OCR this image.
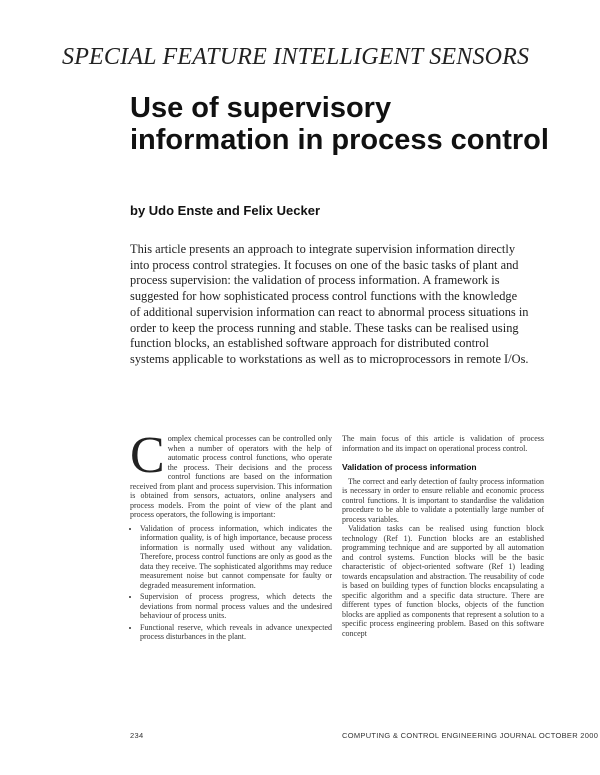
SPECIAL FEATURE INTELLIGENT SENSORS
Use of supervisory information in process control
by Udo Enste and Felix Uecker
This article presents an approach to integrate supervision information directly into process control strategies. It focuses on one of the basic tasks of plant and process supervision: the validation of process information. A framework is suggested for how sophisticated process control functions with the knowledge of additional supervision information can react to abnormal process situations in order to keep the process running and stable. These tasks can be realised using function blocks, an established software approach for distributed control systems applicable to workstations as well as to microprocessors in remote I/Os.

Complex chemical processes can be controlled only when a number of operators with the help of automatic process control functions, who operate the process. Their decisions and the process control functions are based on the information received from plant and process supervision. This information is obtained from sensors, actuators, online analysers and process models. From the point of view of the plant and process operators, the following is important:

• Validation of process information, which indicates the information quality, is of high importance, because process information is normally used without any validation. Therefore, process control functions are only as good as the data they receive. The sophisticated algorithms may reduce measurement noise but cannot compensate for faulty or degraded measurement information.
• Supervision of process progress, which detects the deviations from normal process values and the undesired behaviour of process units.
• Functional reserve, which reveals in advance unexpected process disturbances in the plant.

The main focus of this article is validation of process information and its impact on operational process control.

Validation of process information

The correct and early detection of faulty process information is necessary in order to ensure reliable and economic process control functions. It is important to standardise the validation procedure to be able to validate a potentially large number of process variables.

Validation tasks can be realised using function block technology (Ref 1). Function blocks are an established programming technique and are supported by all automation and control systems. Function blocks will be the basic characteristic of object-oriented software (Ref 1) leading towards encapsulation and abstraction. The reusability of code is based on building types of function blocks encapsulating a specific algorithm and a specific data structure. There are different types of function blocks, objects of the function blocks are applied as components that represent a solution to a specific process engineering problem. Based on this software concept

234	COMPUTING & CONTROL ENGINEERING JOURNAL OCTOBER 2000
